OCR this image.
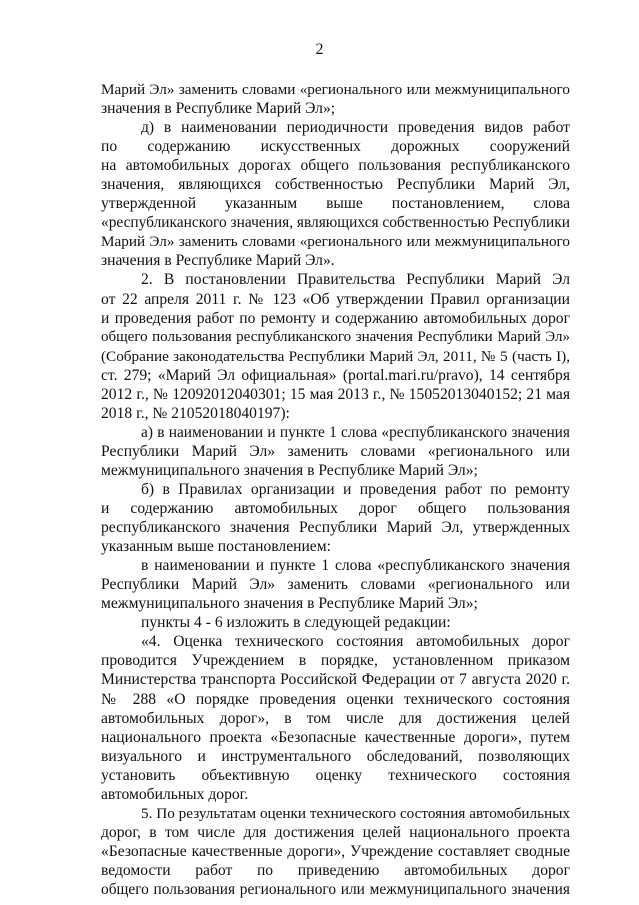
2
Марий Эл» заменить словами «регионального или межмуниципального
значения в Республике Марий Эл»;
д) в наименовании периодичности проведения видов работ
по содержанию искусственных дорожных сооружений
на автомобильных дорогах общего пользования республиканского
значения, являющихся собственностью Республики Марий Эл,
утвержденной указанным выше постановлением, слова
«республиканского значения, являющихся собственностью Республики
Марий Эл» заменить словами «регионального или межмуниципального
значения в Республике Марий Эл».
2. В постановлении Правительства Республики Марий Эл
от 22 апреля 2011 г. № 123 «Об утверждении Правил организации
и проведения работ по ремонту и содержанию автомобильных дорог
общего пользования республиканского значения Республики Марий Эл»
(Собрание законодательства Республики Марий Эл, 2011, № 5 (часть I),
ст. 279; «Марий Эл официальная» (portal.mari.ru/pravo), 14 сентября
2012 г., № 12092012040301; 15 мая 2013 г., № 15052013040152; 21 мая
2018 г., № 21052018040197):
а) в наименовании и пункте 1 слова «республиканского значения
Республики Марий Эл» заменить словами «регионального или
межмуниципального значения в Республике Марий Эл»;
б) в Правилах организации и проведения работ по ремонту
и содержанию автомобильных дорог общего пользования
республиканского значения Республики Марий Эл, утвержденных
указанным выше постановлением:
в наименовании и пункте 1 слова «республиканского значения
Республики Марий Эл» заменить словами «регионального или
межмуниципального значения в Республике Марий Эл»;
пункты 4 - 6 изложить в следующей редакции:
«4. Оценка технического состояния автомобильных дорог
проводится Учреждением в порядке, установленном приказом
Министерства транспорта Российской Федерации от 7 августа 2020 г.
№ 288 «О порядке проведения оценки технического состояния
автомобильных дорог», в том числе для достижения целей
национального проекта «Безопасные качественные дороги», путем
визуального и инструментального обследований, позволяющих
установить объективную оценку технического состояния
автомобильных дорог.
5. По результатам оценки технического состояния автомобильных
дорог, в том числе для достижения целей национального проекта
«Безопасные качественные дороги», Учреждение составляет сводные
ведомости работ по приведению автомобильных дорог
общего пользования регионального или межмуниципального значения
